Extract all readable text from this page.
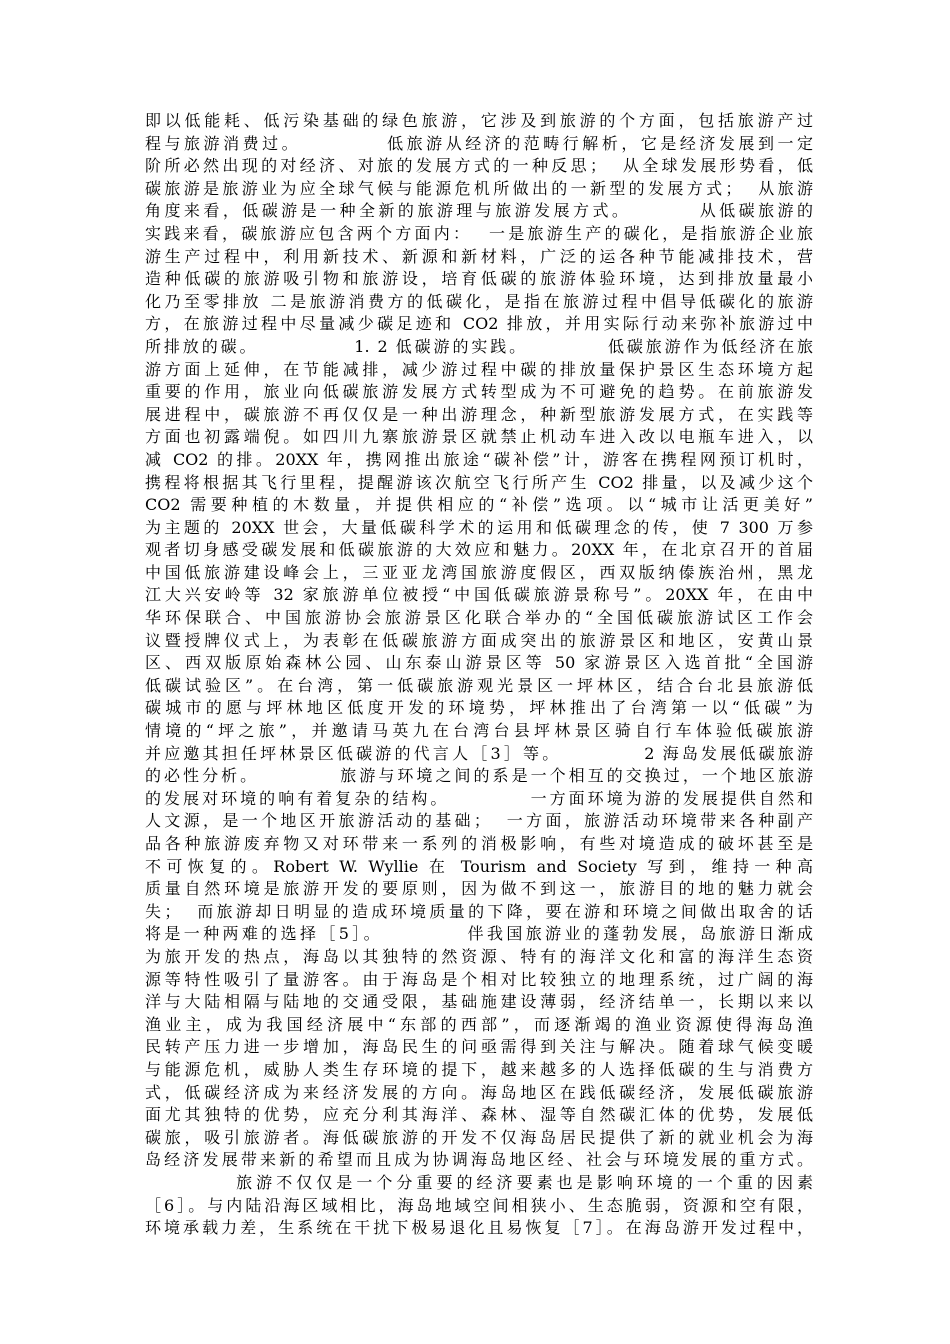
即以低能耗、低污染基础的绿色旅游，它涉及到旅游的个方面，包括旅游产过
程与旅游消费过。          低旅游从经济的范畴行解析，它是经济发展到一定
阶所必然出现的对经济、对旅的发展方式的一种反思；  从全球发展形势看，低
碳旅游是旅游业为应全球气候与能源危机所做出的一新型的发展方式；  从旅游
角度来看，低碳游是一种全新的旅游理与旅游发展方式。        从低碳旅游的
实践来看，碳旅游应包含两个方面内：  一是旅游生产的碳化，是指旅游企业旅
游生产过程中，利用新技术、新源和新材料，广泛的运各种节能减排技术，营
造种低碳的旅游吸引物和旅游设，培育低碳的旅游体验环境，达到排放量最小
化乃至零排放 二是旅游消费方的低碳化，是指在旅游过程中倡导低碳化的旅游
方，在旅游过程中尽量减少碳足迹和 CO2 排放，并用实际行动来弥补旅游过中
所排放的碳。            1. 2 低碳游的实践。          低碳旅游作为低经济在旅
游方面上延伸，在节能减排，减少游过程中碳的排放量保护景区生态环境方起
重要的作用，旅业向低碳旅游发展方式转型成为不可避免的趋势。在前旅游发
展进程中，碳旅游不再仅仅是一种出游理念，种新型旅游发展方式，在实践等
方面也初露端倪。如四川九寨旅游景区就禁止机动车进入改以电瓶车进入，以
减 CO2 的排。20XX 年，携网推出旅途“碳补偿”计，游客在携程网预订机时，
携程将根据其飞行里程，提醒游该次航空飞行所产生 CO2 排量，以及减少这个
CO2 需要种植的木数量，并提供相应的“补偿”选项。以“城市让活更美好”
为主题的 20XX 世会，大量低碳科学术的运用和低碳理念的传，使 7 300 万参
观者切身感受碳发展和低碳旅游的大效应和魅力。20XX 年，在北京召开的首届
中国低旅游建设峰会上，三亚亚龙湾国旅游度假区，西双版纳傣族治州，黑龙
江大兴安岭等 32 家旅游单位被授“中国低碳旅游景称号”。20XX 年，在由中
华环保联合、中国旅游协会旅游景区化联合举办的“全国低碳旅游试区工作会
议暨授牌仪式上，为表彰在低碳旅游方面成突出的旅游景区和地区，安黄山景
区、西双版原始森林公园、山东泰山游景区等 50 家游景区入选首批“全国游
低碳试验区”。在台湾，第一低碳旅游观光景区一坪林区，结合台北县旅游低
碳城市的愿与坪林地区低度开发的环境势，坪林推出了台湾第一以“低碳”为
情境的“坪之旅”，并邀请马英九在台湾台县坪林景区骑自行车体验低碳旅游
并应邀其担任坪林景区低碳游的代言人［3］等。          2 海岛发展低碳旅游
的必性分析。          旅游与环境之间的系是一个相互的交换过，一个地区旅游
的发展对环境的响有着复杂的结构。          一方面环境为游的发展提供自然和
人文源，是一个地区开旅游活动的基础；  一方面，旅游活动环境带来各种副产
品各种旅游废弃物又对环带来一系列的消极影响，有些对境造成的破坏甚至是
不可恢复的。Robert W. Wyllie 在 Tourism and Society 写到，维持一种高
质量自然环境是旅游开发的要原则，因为做不到这一，旅游目的地的魅力就会
失；  而旅游却日明显的造成环境质量的下降，要在游和环境之间做出取舍的话
将是一种两难的选择［5］。          伴我国旅游业的蓬勃发展，岛旅游日渐成
为旅开发的热点，海岛以其独特的然资源、特有的海洋文化和富的海洋生态资
源等特性吸引了量游客。由于海岛是个相对比较独立的地理系统，过广阔的海
洋与大陆相隔与陆地的交通受限，基础施建设薄弱，经济结单一，长期以来以
渔业主，成为我国经济展中“东部的西部”，而逐渐竭的渔业资源使得海岛渔
民转产压力进一步增加，海岛民生的问亟需得到关注与解决。随着球气候变暖
与能源危机，威胁人类生存环境的提下，越来越多的人选择低碳的生与消费方
式，低碳经济成为来经济发展的方向。海岛地区在践低碳经济，发展低碳旅游
面尤其独特的优势，应充分利其海洋、森林、湿等自然碳汇体的优势，发展低
碳旅，吸引旅游者。海低碳旅游的开发不仅海岛居民提供了新的就业机会为海
岛经济发展带来新的希望而且成为协调海岛地区经、社会与环境发展的重方式。
旅游不仅仅是一个分重要的经济要素也是影响环境的一个重的因素
［6］。与内陆沿海区域相比，海岛地域空间相狭小、生态脆弱，资源和空有限，
环境承载力差，生系统在干扰下极易退化且易恢复［7］。在海岛游开发过程中，
